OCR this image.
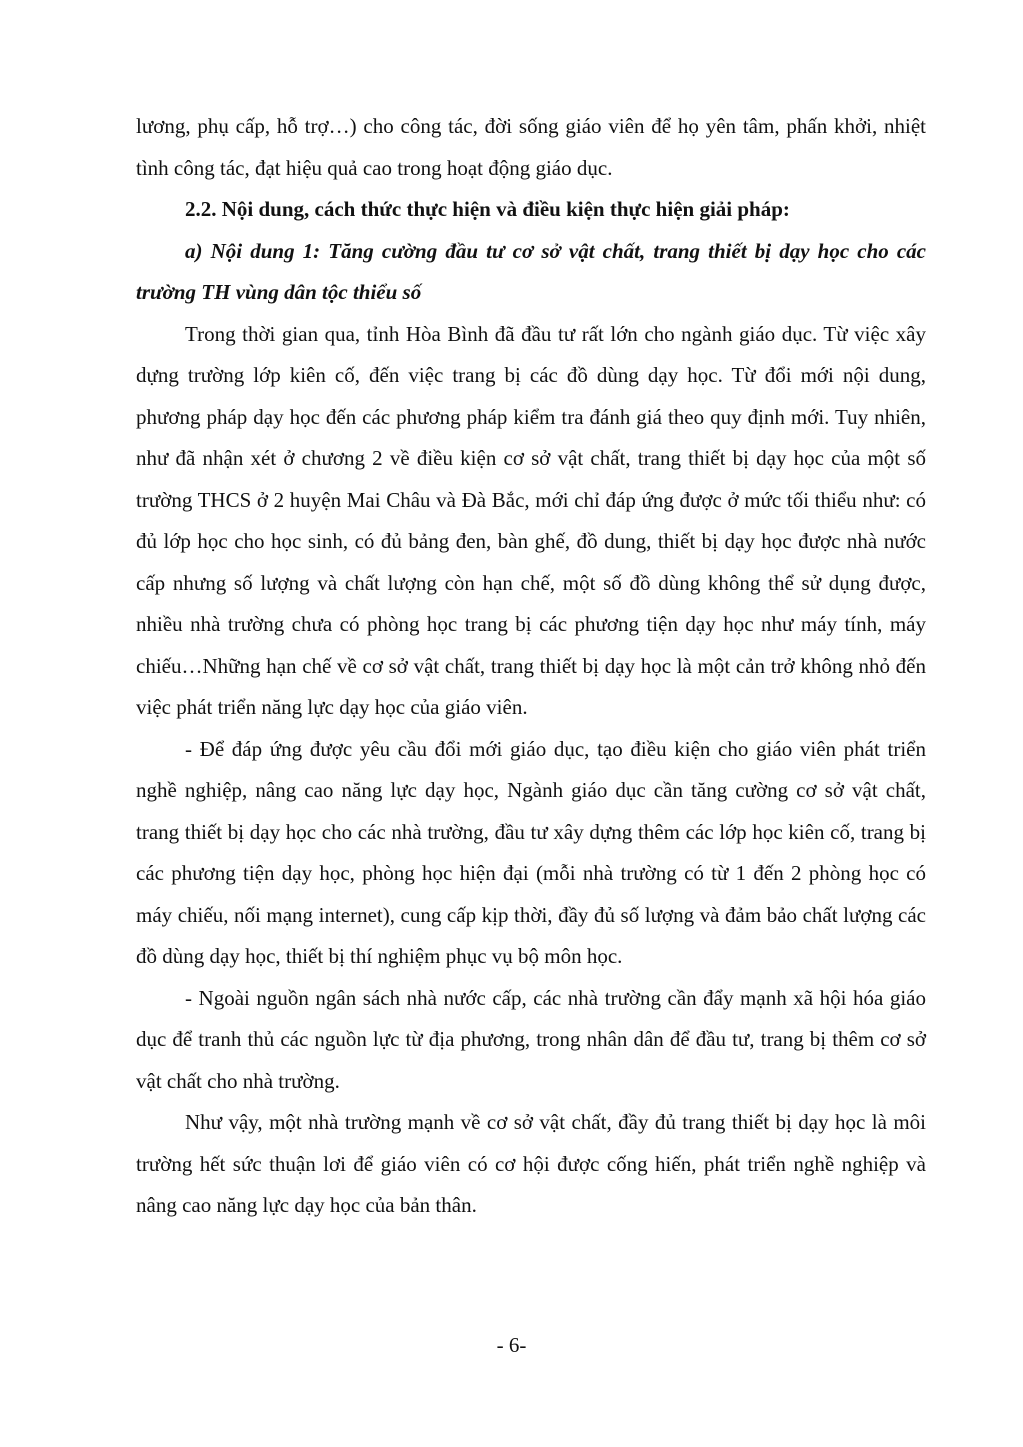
lương, phụ cấp, hỗ trợ…) cho công tác, đời sống giáo viên để họ yên tâm, phấn khởi, nhiệt tình công tác, đạt hiệu quả cao trong hoạt động giáo dục.

2.2. Nội dung, cách thức thực hiện và điều kiện thực hiện giải pháp:

a) Nội dung 1: Tăng cường đầu tư cơ sở vật chất, trang thiết bị dạy học cho các trường TH vùng dân tộc thiểu số

Trong thời gian qua, tỉnh Hòa Bình đã đầu tư rất lớn cho ngành giáo dục. Từ việc xây dựng trường lớp kiên cố, đến việc trang bị các đồ dùng dạy học. Từ đổi mới nội dung, phương pháp dạy học đến các phương pháp kiểm tra đánh giá theo quy định mới. Tuy nhiên, như đã nhận xét ở chương 2 về điều kiện cơ sở vật chất, trang thiết bị dạy học của một số trường THCS ở 2 huyện Mai Châu và Đà Bắc, mới chỉ đáp ứng được ở mức tối thiểu như: có đủ lớp học cho học sinh, có đủ bảng đen, bàn ghế, đồ dung, thiết bị dạy học được nhà nước cấp nhưng số lượng và chất lượng còn hạn chế, một số đồ dùng không thể sử dụng được, nhiều nhà trường chưa có phòng học trang bị các phương tiện dạy học như máy tính, máy chiếu…Những hạn chế về cơ sở vật chất, trang thiết bị dạy học là một cản trở không nhỏ đến việc phát triển năng lực dạy học của giáo viên.

- Để đáp ứng được yêu cầu đổi mới giáo dục, tạo điều kiện cho giáo viên phát triển nghề nghiệp, nâng cao năng lực dạy học, Ngành giáo dục cần tăng cường cơ sở vật chất, trang thiết bị dạy học cho các nhà trường, đầu tư xây dựng thêm các lớp học kiên cố, trang bị các phương tiện dạy học, phòng học hiện đại (mỗi nhà trường có từ 1 đến 2 phòng học có máy chiếu, nối mạng internet), cung cấp kịp thời, đầy đủ số lượng và đảm bảo chất lượng các đồ dùng dạy học, thiết bị thí nghiệm phục vụ bộ môn học.

- Ngoài nguồn ngân sách nhà nước cấp, các nhà trường cần đẩy mạnh xã hội hóa giáo dục để tranh thủ các nguồn lực từ địa phương, trong nhân dân để đầu tư, trang bị thêm cơ sở vật chất cho nhà trường.

Như vậy, một nhà trường mạnh về cơ sở vật chất, đầy đủ trang thiết bị dạy học là môi trường hết sức thuận lơi để giáo viên có cơ hội được cống hiến, phát triển nghề nghiệp và nâng cao năng lực dạy học của bản thân.

- 6-
